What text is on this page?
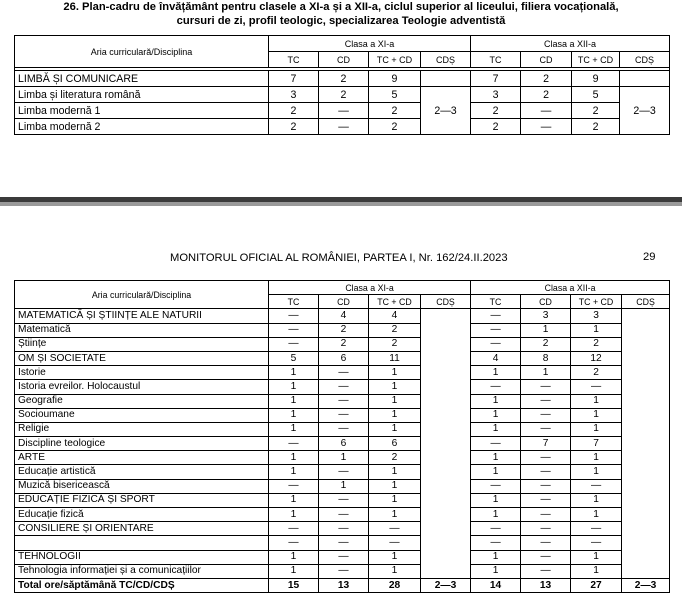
26. Plan-cadru de învățământ pentru clasele a XI-a și a XII-a, ciclul superior al liceului, filiera vocațională,
cursuri de zi, profil teologic, specializarea Teologie adventistă
Aria curriculară/Disciplina	Clasa a XI-a				Clasa a XII-a			
	TC	CD	TC + CD	CDȘ	TC	CD	TC + CD	CDȘ

LIMBĂ ȘI COMUNICARE	7	2	9		7	2	9	
Limba și literatura română	3	2	5	2—3	3	2	5	2—3
Limba modernă 1	2	—	2		2	—	2	
Limba modernă 2	2	—	2		2	—	2	
MONITORUL OFICIAL AL ROMÂNIEI, PARTEA I, Nr. 162/24.II.2023	29
Aria curriculară/Disciplina	Clasa a XI-a				Clasa a XII-a			
	TC	CD	TC + CD	CDȘ	TC	CD	TC + CD	CDȘ
MATEMATICĂ ȘI ȘTIINȚE ALE NATURII	—	4	4		—	3	3	
Matematică	—	2	2		—	1	1	
Științe	—	2	2		—	2	2	
OM ȘI SOCIETATE	5	6	11		4	8	12	
Istorie	1	—	1		1	1	2	
Istoria evreilor. Holocaustul	1	—	1		—	—	—	
Geografie	1	—	1		1	—	1	
Socioumane	1	—	1		1	—	1	
Religie	1	—	1		1	—	1	
Discipline teologice	—	6	6		—	7	7	
ARTE	1	1	2		1	—	1	
Educație artistică	1	—	1		1	—	1	
Muzică bisericească	—	1	1		—	—	—	
EDUCAȚIE FIZICĂ ȘI SPORT	1	—	1		1	—	1	
Educație fizică	1	—	1		1	—	1	
CONSILIERE ȘI ORIENTARE	—	—	—		—	—	—	
	—	—	—		—	—	—	
TEHNOLOGII	1	—	1		1	—	1	
Tehnologia informației și a comunicațiilor	1	—	1		1	—	1	
Total ore/săptămână TC/CD/CDȘ	15	13	28	2—3	14	13	27	2—3
